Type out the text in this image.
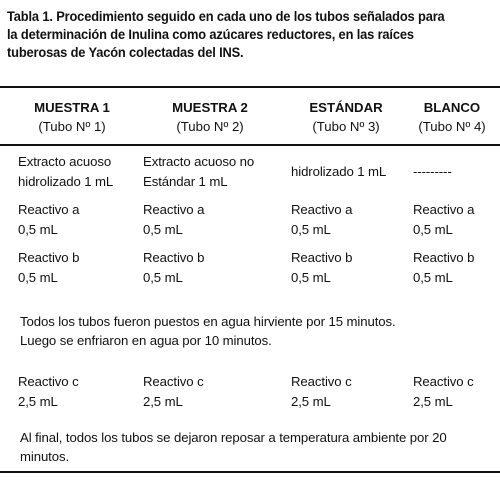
Tabla 1. Procedimiento seguido en cada uno de los tubos señalados para
la determinación de Inulina como azúcares reductores, en las raíces
tuberosas de Yacón colectadas del INS.
MUESTRA 1
(Tubo Nº 1)
MUESTRA 2
(Tubo Nº 2)
ESTÁNDAR
(Tubo Nº 3)
BLANCO
(Tubo Nº 4)
Extracto acuoso
hidrolizado 1 mL
Extracto acuoso no
Estándar 1 mL
hidrolizado 1 mL ---------
Reactivo a
0,5 mL
Reactivo a
0,5 mL
Reactivo a
0,5 mL
Reactivo a
0,5 mL
Reactivo b
0,5 mL
Reactivo b
0,5 mL
Reactivo b
0,5 mL
Reactivo b
0,5 mL
Todos los tubos fueron puestos en agua hirviente por 15 minutos.
Luego se enfriaron en agua por 10 minutos.
Reactivo c
2,5 mL
Reactivo c
2,5 mL
Reactivo c
2,5 mL
Reactivo c
2,5 mL
Al final, todos los tubos se dejaron reposar a temperatura ambiente por 20
minutos.
